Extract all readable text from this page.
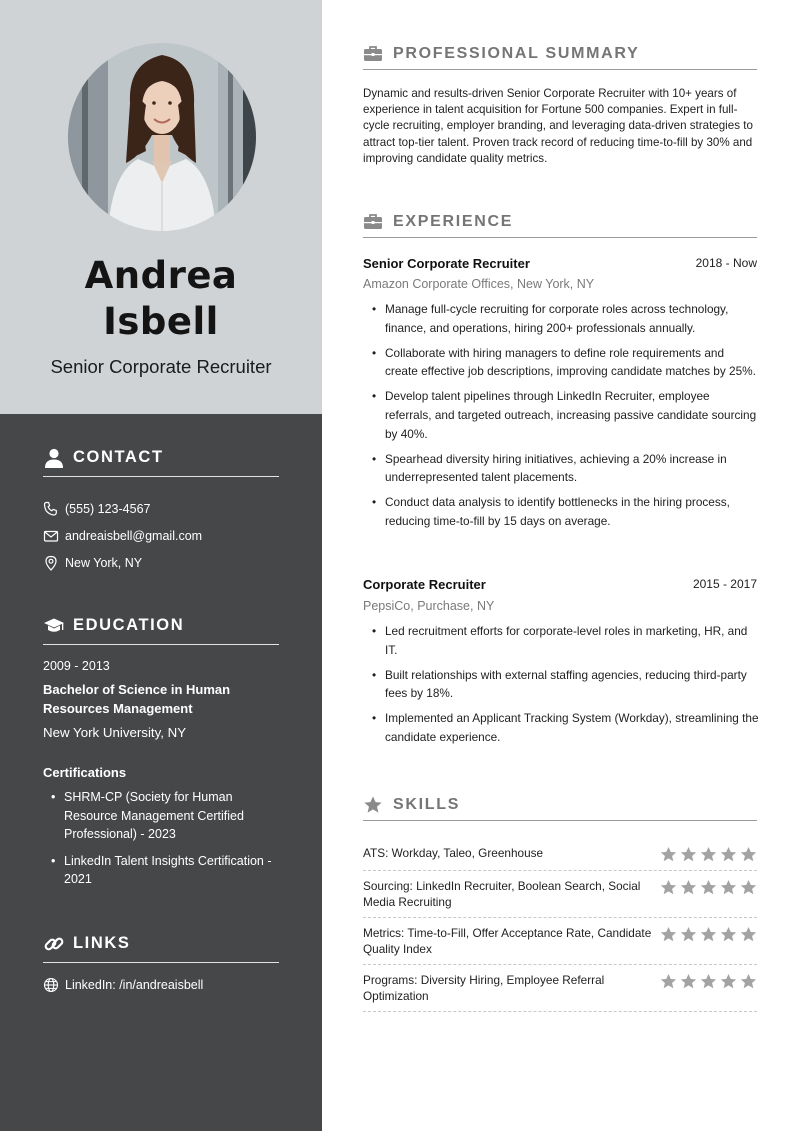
Andrea
Isbell
Senior Corporate Recruiter
CONTACT
(555) 123-4567
andreaisbell@gmail.com
New York, NY
EDUCATION
2009 - 2013
Bachelor of Science in Human
Resources Management
New York University, NY
Certifications
• SHRM-CP (Society for Human Resource Management Certified Professional) - 2023
• LinkedIn Talent Insights Certification - 2021
LINKS
LinkedIn: /in/andreaisbell
PROFESSIONAL SUMMARY
Dynamic and results-driven Senior Corporate Recruiter with 10+ years of experience in talent acquisition for Fortune 500 companies. Expert in full-cycle recruiting, employer branding, and leveraging data-driven strategies to attract top-tier talent. Proven track record of reducing time-to-fill by 30% and improving candidate quality metrics.
EXPERIENCE
Senior Corporate Recruiter	2018 - Now
Amazon Corporate Offices, New York, NY
• Manage full-cycle recruiting for corporate roles across technology, finance, and operations, hiring 200+ professionals annually.
• Collaborate with hiring managers to define role requirements and create effective job descriptions, improving candidate matches by 25%.
• Develop talent pipelines through LinkedIn Recruiter, employee referrals, and targeted outreach, increasing passive candidate sourcing by 40%.
• Spearhead diversity hiring initiatives, achieving a 20% increase in underrepresented talent placements.
• Conduct data analysis to identify bottlenecks in the hiring process, reducing time-to-fill by 15 days on average.
Corporate Recruiter	2015 - 2017
PepsiCo, Purchase, NY
• Led recruitment efforts for corporate-level roles in marketing, HR, and IT.
• Built relationships with external staffing agencies, reducing third-party fees by 18%.
• Implemented an Applicant Tracking System (Workday), streamlining the candidate experience.
SKILLS
ATS: Workday, Taleo, Greenhouse
Sourcing: LinkedIn Recruiter, Boolean Search, Social Media Recruiting
Metrics: Time-to-Fill, Offer Acceptance Rate, Candidate Quality Index
Programs: Diversity Hiring, Employee Referral Optimization
